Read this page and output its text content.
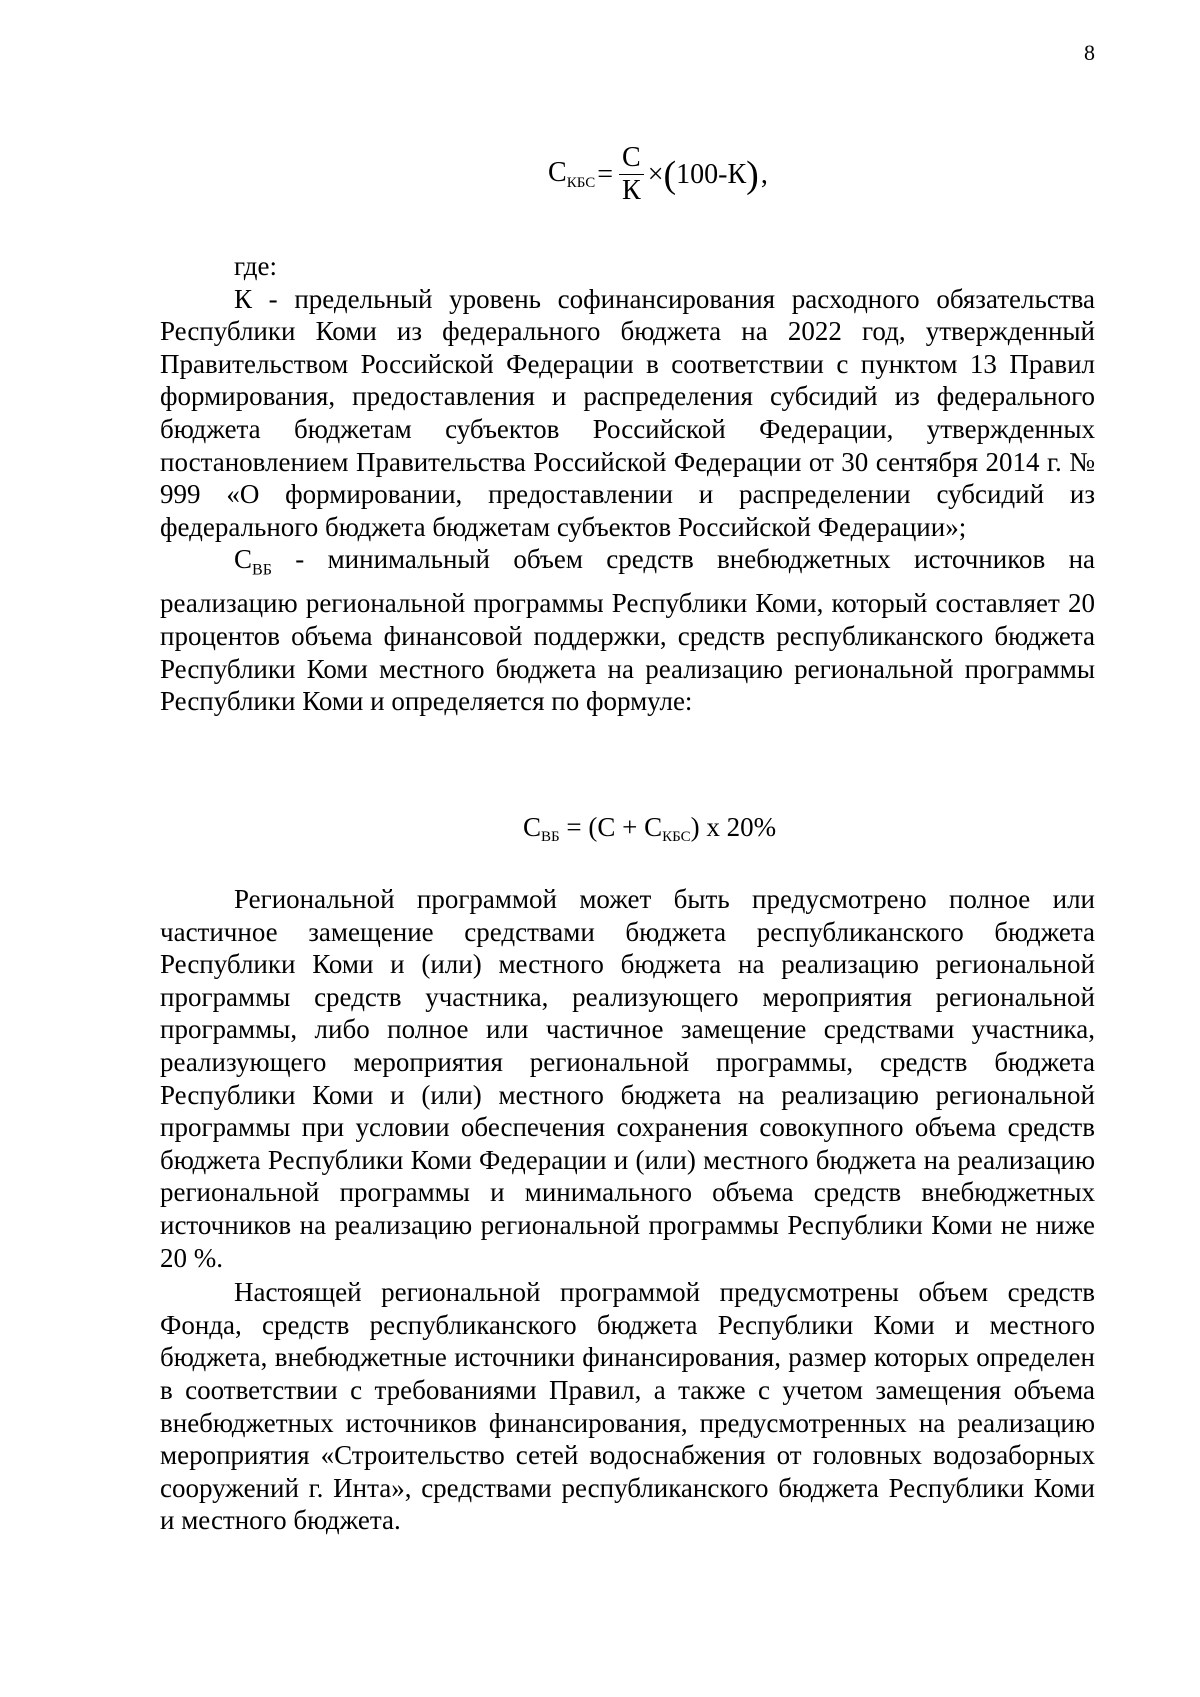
8
$С_{КБС} = \frac{С}{К}$ × ( 100-К ) ,

где:

К - предельный уровень софинансирования расходного обязательства Республики Коми из федерального бюджета на 2022 год, утвержденный Правительством Российской Федерации в соответствии с пунктом 13 Правил формирования, предоставления и распределения субсидий из федерального бюджета бюджетам субъектов Российской Федерации, утвержденных постановлением Правительства Российской Федерации от 30 сентября 2014 г. № 999 «О формировании, предоставлении и распределении субсидий из федерального бюджета бюджетам субъектов Российской Федерации»;

$С_{ВБ}$ - минимальный объем средств внебюджетных источников на реализацию региональной программы Республики Коми, который составляет 20 процентов объема финансовой поддержки, средств республиканского бюджета Республики Коми местного бюджета на реализацию региональной программы Республики Коми и определяется по формуле:

$С_{ВБ} = (С + С_{КБС})$ х 20%

Региональной программой может быть предусмотрено полное или частичное замещение средствами бюджета республиканского бюджета Республики Коми и (или) местного бюджета на реализацию региональной программы средств участника, реализующего мероприятия региональной программы, либо полное или частичное замещение средствами участника, реализующего мероприятия региональной программы, средств бюджета Республики Коми и (или) местного бюджета на реализацию региональной программы при условии обеспечения сохранения совокупного объема средств бюджета Республики Коми Федерации и (или) местного бюджета на реализацию региональной программы и минимального объема средств внебюджетных источников на реализацию региональной программы Республики Коми не ниже 20 %.

Настоящей региональной программой предусмотрены объем средств Фонда, средств республиканского бюджета Республики Коми и местного бюджета, внебюджетные источники финансирования, размер которых определен в соответствии с требованиями Правил, а также с учетом замещения объема внебюджетных источников финансирования, предусмотренных на реализацию мероприятия «Строительство сетей водоснабжения от головных водозаборных сооружений г. Инта», средствами республиканского бюджета Республики Коми и местного бюджета.
